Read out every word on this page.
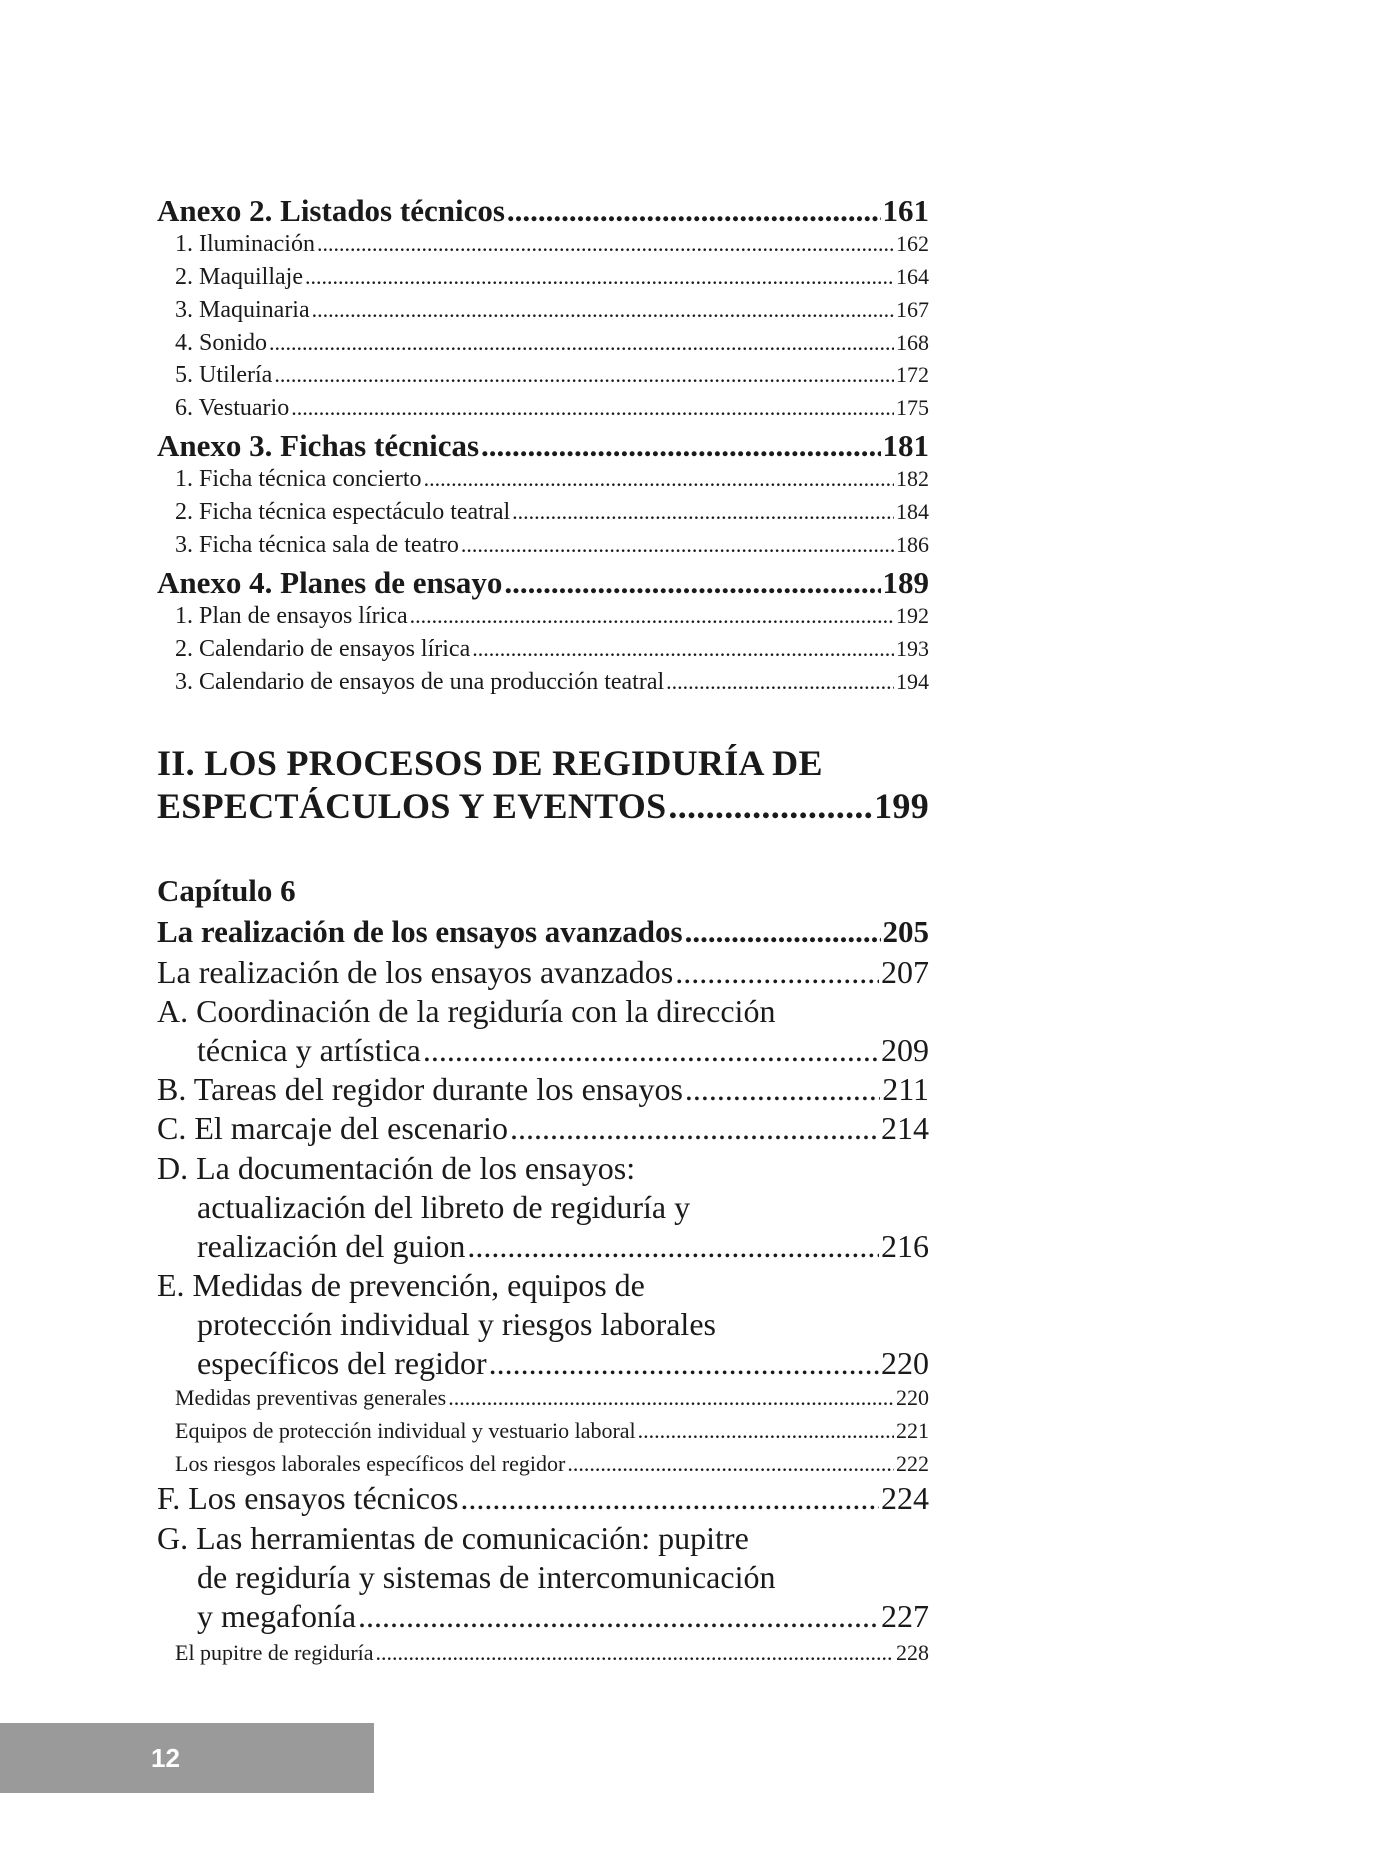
Anexo 2. Listados técnicos .....	161
1. Iluminación .....	162
2. Maquillaje .....	164
3. Maquinaria .....	167
4. Sonido .....	168
5. Utilería .....	172
6. Vestuario .....	175
Anexo 3. Fichas técnicas .....	181
1. Ficha técnica concierto .....	182
2. Ficha técnica espectáculo teatral .....	184
3. Ficha técnica sala de teatro .....	186
Anexo 4. Planes de ensayo .....	189
1. Plan de ensayos lírica .....	192
2. Calendario de ensayos lírica .....	193
3. Calendario de ensayos de una producción teatral .....	194
II. LOS PROCESOS DE REGIDURÍA DE
ESPECTÁCULOS Y EVENTOS .....	199
Capítulo 6
La realización de los ensayos avanzados .....	205
La realización de los ensayos avanzados .....	207
A. Coordinación de la regiduría con la dirección
técnica y artística .....	209
B. Tareas del regidor durante los ensayos .....	211
C. El marcaje del escenario .....	214
D. La documentación de los ensayos:
actualización del libreto de regiduría y
realización del guion .....	216
E. Medidas de prevención, equipos de
protección individual y riesgos laborales
específicos del regidor .....	220
Medidas preventivas generales .....	220
Equipos de protección individual y vestuario laboral .....	221
Los riesgos laborales específicos del regidor .....	222
F. Los ensayos técnicos .....	224
G. Las herramientas de comunicación: pupitre
de regiduría y sistemas de intercomunicación
y megafonía .....	227
El pupitre de regiduría .....	228
12
